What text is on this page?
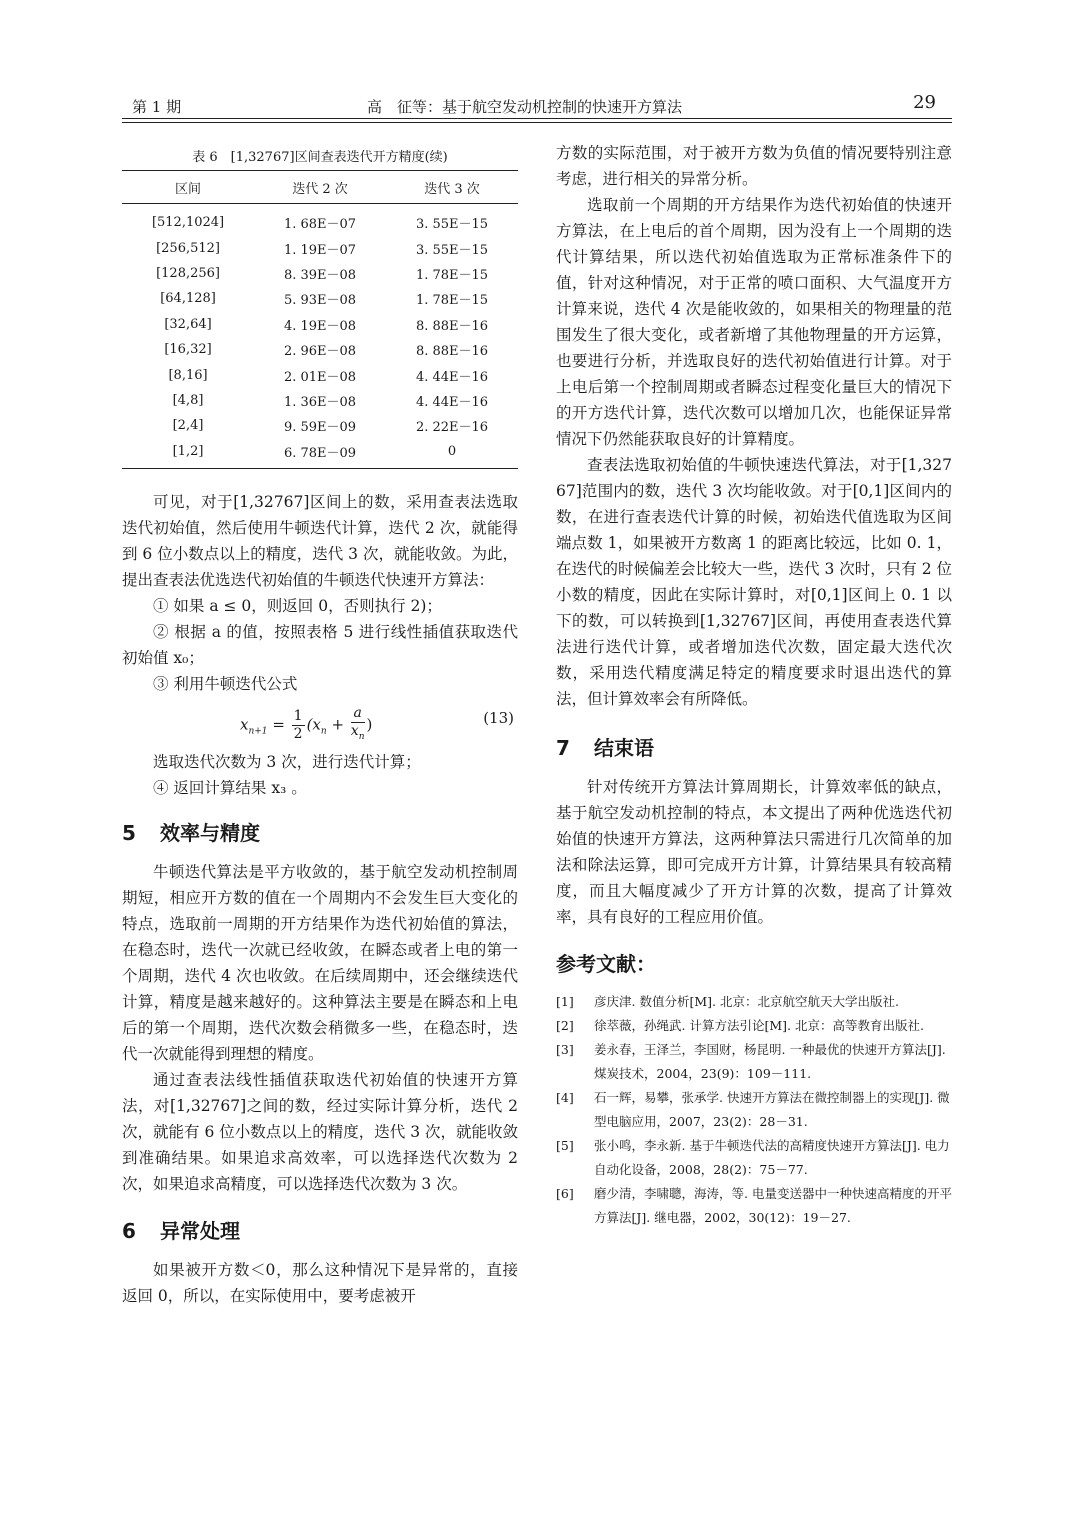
第 1 期	高　征等：基于航空发动机控制的快速开方算法	29
表 6　[1,32767]区间查表迭代开方精度(续)
区间	迭代 2 次	迭代 3 次
[512,1024]	1. 68E－07	3. 55E－15
[256,512]	1. 19E－07	3. 55E－15
[128,256]	8. 39E－08	1. 78E－15
[64,128]	5. 93E－08	1. 78E－15
[32,64]	4. 19E－08	8. 88E－16
[16,32]	2. 96E－08	8. 88E－16
[8,16]	2. 01E－08	4. 44E－16
[4,8]	1. 36E－08	4. 44E－16
[2,4]	9. 59E－09	2. 22E－16
[1,2]	6. 78E－09	0

可见，对于[1,32767]区间上的数，采用查表法选取迭代初始值，然后使用牛顿迭代计算，迭代 2 次，就能得到 6 位小数点以上的精度，迭代 3 次，就能收敛。为此，提出查表法优选迭代初始值的牛顿迭代快速开方算法：

① 如果 a ≤ 0，则返回 0，否则执行 2)；

② 根据 a 的值，按照表格 5 进行线性插值获取迭代初始值 x₀；

③ 利用牛顿迭代公式

$x_{n+1} = \frac{1}{2} (x_n + \frac{a}{x_n}$ )	(13)

选取迭代次数为 3 次，进行迭代计算；

④ 返回计算结果 x₃ 。

5 效率与精度

牛顿迭代算法是平方收敛的，基于航空发动机控制周期短，相应开方数的值在一个周期内不会发生巨大变化的特点，选取前一周期的开方结果作为迭代初始值的算法，在稳态时，迭代一次就已经收敛，在瞬态或者上电的第一个周期，迭代 4 次也收敛。在后续周期中，还会继续迭代计算，精度是越来越好的。这种算法主要是在瞬态和上电后的第一个周期，迭代次数会稍微多一些，在稳态时，迭代一次就能得到理想的精度。

通过查表法线性插值获取迭代初始值的快速开方算法，对[1,32767]之间的数，经过实际计算分析，迭代 2 次，就能有 6 位小数点以上的精度，迭代 3 次，就能收敛到准确结果。如果追求高效率，可以选择迭代次数为 2 次，如果追求高精度，可以选择迭代次数为 3 次。

6 异常处理

如果被开方数＜0，那么这种情况下是异常的，直接返回 0，所以，在实际使用中，要考虑被开

方数的实际范围，对于被开方数为负值的情况要特别注意考虑，进行相关的异常分析。

选取前一个周期的开方结果作为迭代初始值的快速开方算法，在上电后的首个周期，因为没有上一个周期的迭代计算结果，所以迭代初始值选取为正常标准条件下的值，针对这种情况，对于正常的喷口面积、大气温度开方计算来说，迭代 4 次是能收敛的，如果相关的物理量的范围发生了很大变化，或者新增了其他物理量的开方运算，也要进行分析，并选取良好的迭代初始值进行计算。对于上电后第一个控制周期或者瞬态过程变化量巨大的情况下的开方迭代计算，迭代次数可以增加几次，也能保证异常情况下仍然能获取良好的计算精度。

查表法选取初始值的牛顿快速迭代算法，对于[1,32767]范围内的数，迭代 3 次均能收敛。对于[0,1]区间内的数，在进行查表迭代计算的时候，初始迭代值选取为区间端点数 1，如果被开方数离 1 的距离比较远，比如 0. 1，在迭代的时候偏差会比较大一些，迭代 3 次时，只有 2 位小数的精度，因此在实际计算时，对[0,1]区间上 0. 1 以下的数，可以转换到[1,32767]区间，再使用查表迭代算法进行迭代计算，或者增加迭代次数，固定最大迭代次数，采用迭代精度满足特定的精度要求时退出迭代的算法，但计算效率会有所降低。

7 结束语

针对传统开方算法计算周期长，计算效率低的缺点，基于航空发动机控制的特点，本文提出了两种优选迭代初始值的快速开方算法，这两种算法只需进行几次简单的加法和除法运算，即可完成开方计算，计算结果具有较高精度，而且大幅度减少了开方计算的次数，提高了计算效率，具有良好的工程应用价值。

参考文献：
[1] 彦庆津. 数值分析[M]. 北京：北京航空航天大学出版社.
[2] 徐萃薇，孙绳武. 计算方法引论[M]. 北京：高等教育出版社.
[3] 姜永春，王泽兰，李国财，杨昆明. 一种最优的快速开方算法[J]. 煤炭技术，2004，23(9)：109－111.
[4] 石一辉，易攀，张承学. 快速开方算法在微控制器上的实现[J]. 微型电脑应用，2007，23(2)：28－31.
[5] 张小鸣，李永新. 基于牛顿迭代法的高精度快速开方算法[J]. 电力自动化设备，2008，28(2)：75－77.
[6] 磨少清，李啸聰，海涛，等. 电量变送器中一种快速高精度的开平方算法[J]. 继电器，2002，30(12)：19－27.
